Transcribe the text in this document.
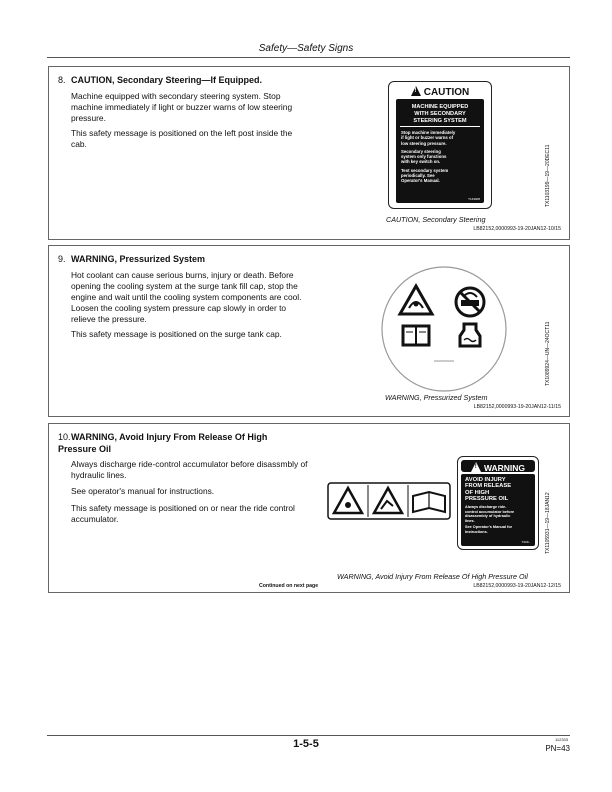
Safety—Safety Signs
8. CAUTION, Secondary Steering—If Equipped.
Machine equipped with secondary steering system. Stop machine immediately if light or buzzer warns of low steering pressure.
This safety message is positioned on the left post inside the cab.
! CAUTION
MACHINE EQUIPPED
WITH SECONDARY
STEERING SYSTEM
Stop machine immediately
if light or buzzer warns of
low steering pressure.
Secondary steering
system only functions
with key switch on.
Test secondary system
periodically. See
Operator's Manual.
T149908	TX1103199—19—20DEC11
CAUTION, Secondary Steering
LB82152,0000993-19-20JAN12-10/15
9. WARNING, Pressurized System
Hot coolant can cause serious burns, injury or death. Before opening the cooling system at the surge tank fill cap, stop the engine and wait until the cooling system components are cool. Loosen the cooling system pressure cap slowly in order to relieve the pressure.
This safety message is positioned on the surge tank cap.	TX1089924—UN—24OCT11
WARNING, Pressurized System
LB82152,0000993-19-20JAN12-11/15
10.WARNING, Avoid Injury From Release Of High Pressure Oil
Always discharge ride-control accumulator before disassmbly of hydraulic lines.
See operator's manual for instructions.
This safety message is positioned on or near the ride control accumulator.
! WARNING
AVOID INJURY
FROM RELEASE
OF HIGH
PRESSURE OIL
Always discharge ride-
control accumulator before
disassembly of hydraulic
lines.
See Operator's Manual for
Instructions.
T209...	TX1105931—19—18JAN12
WARNING, Avoid Injury From Release Of High Pressure Oil
Continued on next page	LB82152,0000993-19-20JAN12-12/15
1-5-5	112333
PN=43
